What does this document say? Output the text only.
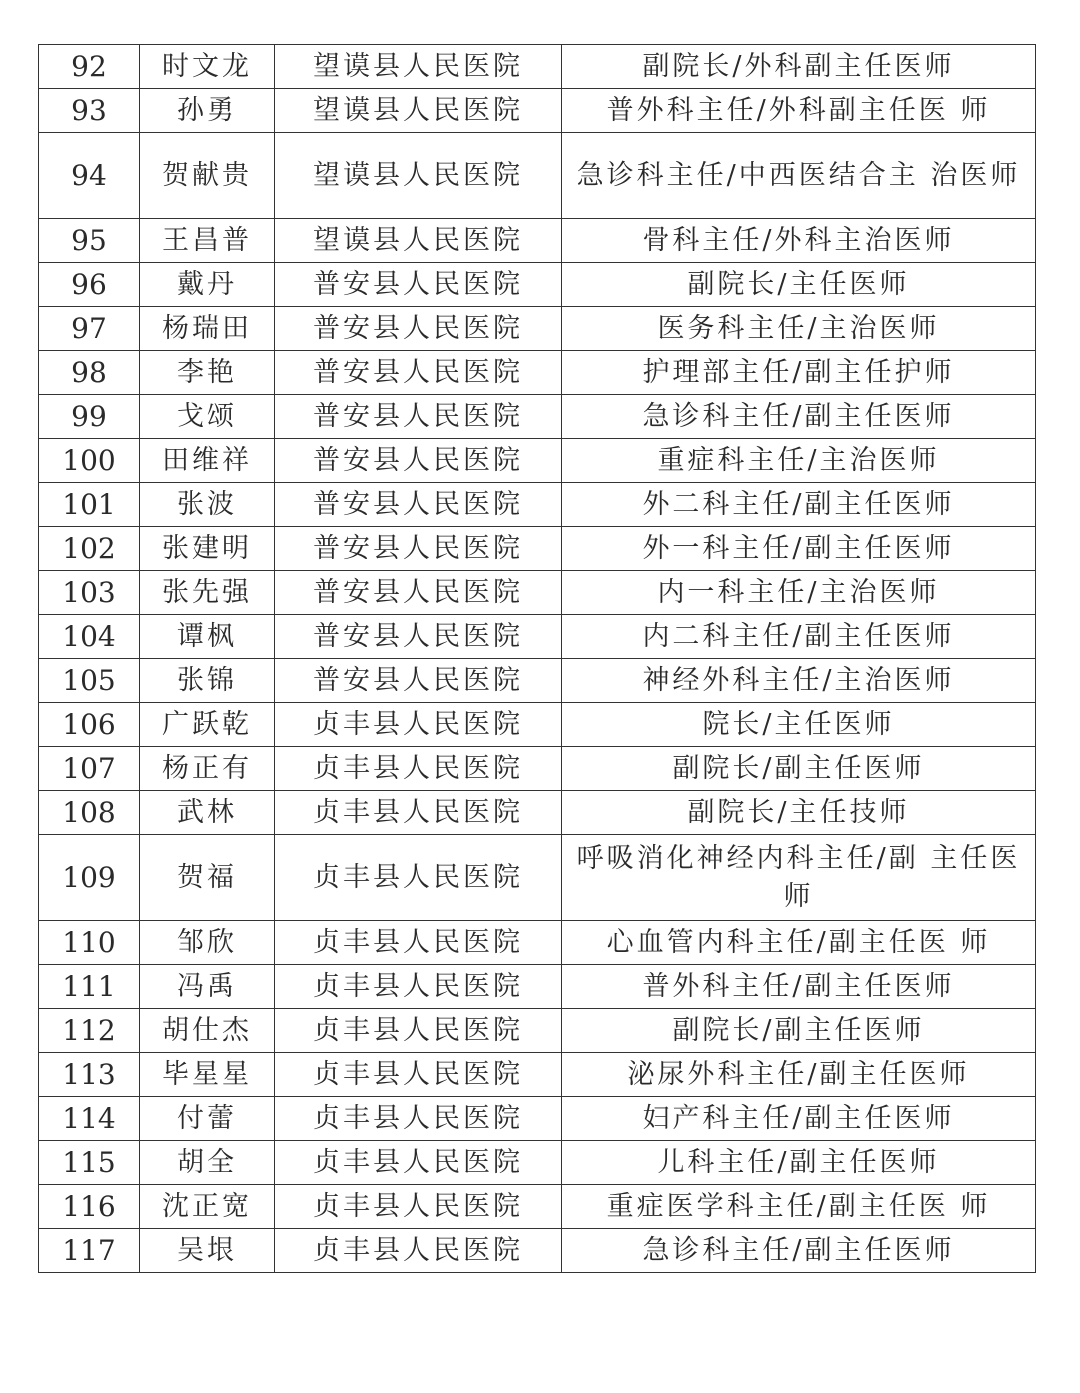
92	时文龙	望谟县人民医院	副院长/外科副主任医师
93	孙勇	望谟县人民医院	普外科主任/外科副主任医 师
94	贺献贵	望谟县人民医院	急诊科主任/中西医结合主 治医师
95	王昌普	望谟县人民医院	骨科主任/外科主治医师
96	戴丹	普安县人民医院	副院长/主任医师
97	杨瑞田	普安县人民医院	医务科主任/主治医师
98	李艳	普安县人民医院	护理部主任/副主任护师
99	戈颂	普安县人民医院	急诊科主任/副主任医师
100	田维祥	普安县人民医院	重症科主任/主治医师
101	张波	普安县人民医院	外二科主任/副主任医师
102	张建明	普安县人民医院	外一科主任/副主任医师
103	张先强	普安县人民医院	内一科主任/主治医师
104	谭枫	普安县人民医院	内二科主任/副主任医师
105	张锦	普安县人民医院	神经外科主任/主治医师
106	广跃乾	贞丰县人民医院	院长/主任医师
107	杨正有	贞丰县人民医院	副院长/副主任医师
108	武林	贞丰县人民医院	副院长/主任技师
109	贺福	贞丰县人民医院	呼吸消化神经内科主任/副 主任医师
110	邹欣	贞丰县人民医院	心血管内科主任/副主任医 师
111	冯禹	贞丰县人民医院	普外科主任/副主任医师
112	胡仕杰	贞丰县人民医院	副院长/副主任医师
113	毕星星	贞丰县人民医院	泌尿外科主任/副主任医师
114	付蕾	贞丰县人民医院	妇产科主任/副主任医师
115	胡全	贞丰县人民医院	儿科主任/副主任医师
116	沈正宽	贞丰县人民医院	重症医学科主任/副主任医 师
117	吴垠	贞丰县人民医院	急诊科主任/副主任医师
